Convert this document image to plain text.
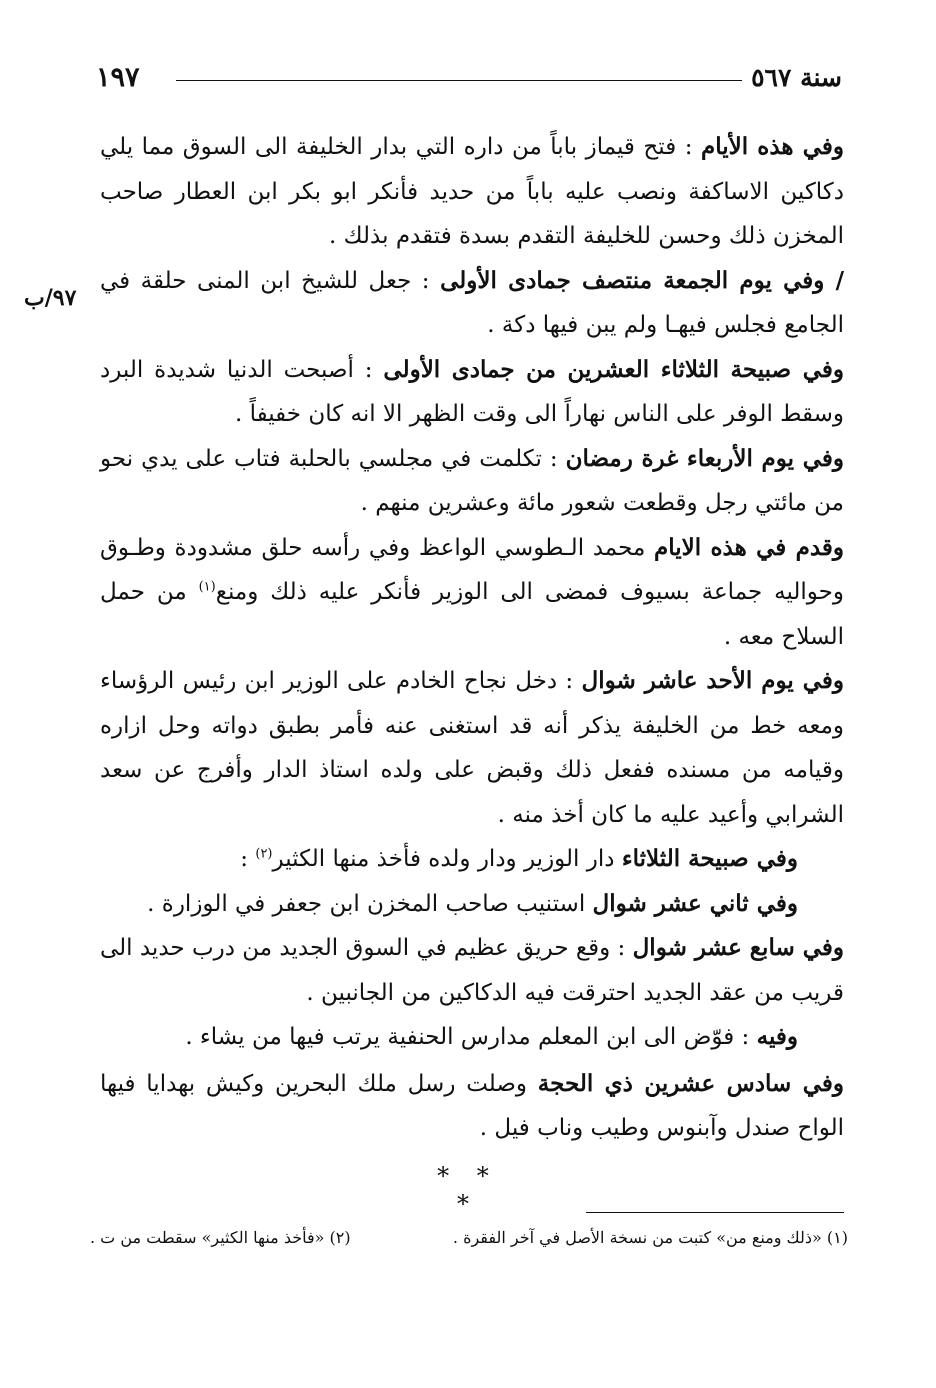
سنة ٥٦٧
١٩٧
٩٧/ب

وفي هذه الأيام : فتح قيماز باباً من داره التي بدار الخليفة الى السوق مما يلي دكاكين الاساكفة ونصب عليه باباً من حديد فأنكر ابو بكر ابن العطار صاحب المخزن ذلك وحسن للخليفة التقدم بسدة فتقدم بذلك .

/ وفي يوم الجمعة منتصف جمادى الأولى : جعل للشيخ ابن المنى حلقة في الجامع فجلس فيهـا ولم يبن فيها دكة .

وفي صبيحة الثلاثاء العشرين من جمادى الأولى : أصبحت الدنيا شديدة البرد وسقط الوفر على الناس نهاراً الى وقت الظهر الا انه كان خفيفاً .

وفي يوم الأربعاء غرة رمضان : تكلمت في مجلسي بالحلبة فتاب على يدي نحو من مائتي رجل وقطعت شعور مائة وعشرين منهم .

وقدم في هذه الايام محمد الـطوسي الواعظ وفي رأسه حلق مشدودة وطـوق وحواليه جماعة بسيوف فمضى الى الوزير فأنكر عليه ذلك ومنع$^{(١)}$ من حمل السلاح معه .

وفي يوم الأحد عاشر شوال : دخل نجاح الخادم على الوزير ابن رئيس الرؤساء ومعه خط من الخليفة يذكر أنه قد استغنى عنه فأمر بطبق دواته وحل ازاره وقيامه من مسنده ففعل ذلك وقبض على ولده استاذ الدار وأفرج عن سعد الشرابي وأعيد عليه ما كان أخذ منه .

وفي صبيحة الثلاثاء دار الوزير ودار ولده فأخذ منها الكثير$^{(٢)}$ :

وفي ثاني عشر شوال استنيب صاحب المخزن ابن جعفر في الوزارة .

وفي سابع عشر شوال : وقع حريق عظيم في السوق الجديد من درب حديد الى قريب من عقد الجديد احترقت فيه الدكاكين من الجانبين .

وفيه : فوّض الى ابن المعلم مدارس الحنفية يرتب فيها من يشاء .

وفي سادس عشرين ذي الحجة وصلت رسل ملك البحرين وكيش بهدايا فيها الواح صندل وآبنوس وطيب وناب فيل .

* * *
(١) «ذلك ومنع من» كتبت من نسخة الأصل في آخر الفقرة .
(٢) «فأخذ منها الكثير» سقطت من ت .
